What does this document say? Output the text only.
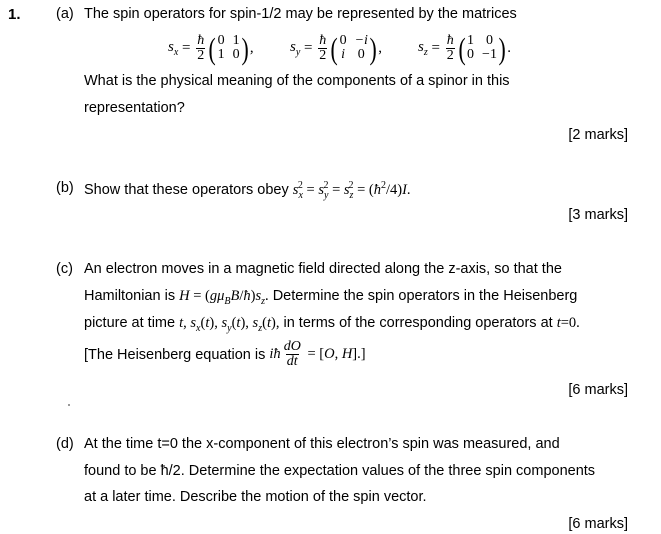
1. (a) The spin operators for spin-1/2 may be represented by the matrices
$s_x = \frac{ħ}{2}$ ( 0 1
1 0 ) , $s_y = \frac{ħ}{2}$ ( 0 −i
i 0 ) , $s_z = \frac{ħ}{2}$ ( 1 0
0 −1 ) .
What is the physical meaning of the components of a spinor in this
representation?
[2 marks]
(b) Show that these operators obey $s_x^2 = s_y^2 = s_z^2$ = $(ħ^2/4)I$.
[3 marks]
(c) An electron moves in a magnetic field directed along the z-axis, so that the
Hamiltonian is $H = (g\mu_BB/ħ)s_z$. Determine the spin operators in the Heisenberg
picture at time t, $s_x(t)$, $s_y(t)$, $s_z(t)$, in terms of the corresponding operators at t=0.
[The Heisenberg equation is
iħ $\frac{dO}{dt} = [O$, H].]
[6 marks]
(d) At the time t=0 the x-component of this electron’s spin was measured, and
found to be ħ/2. Determine the expectation values of the three spin components
at a later time. Describe the motion of the spin vector.
[6 marks]
